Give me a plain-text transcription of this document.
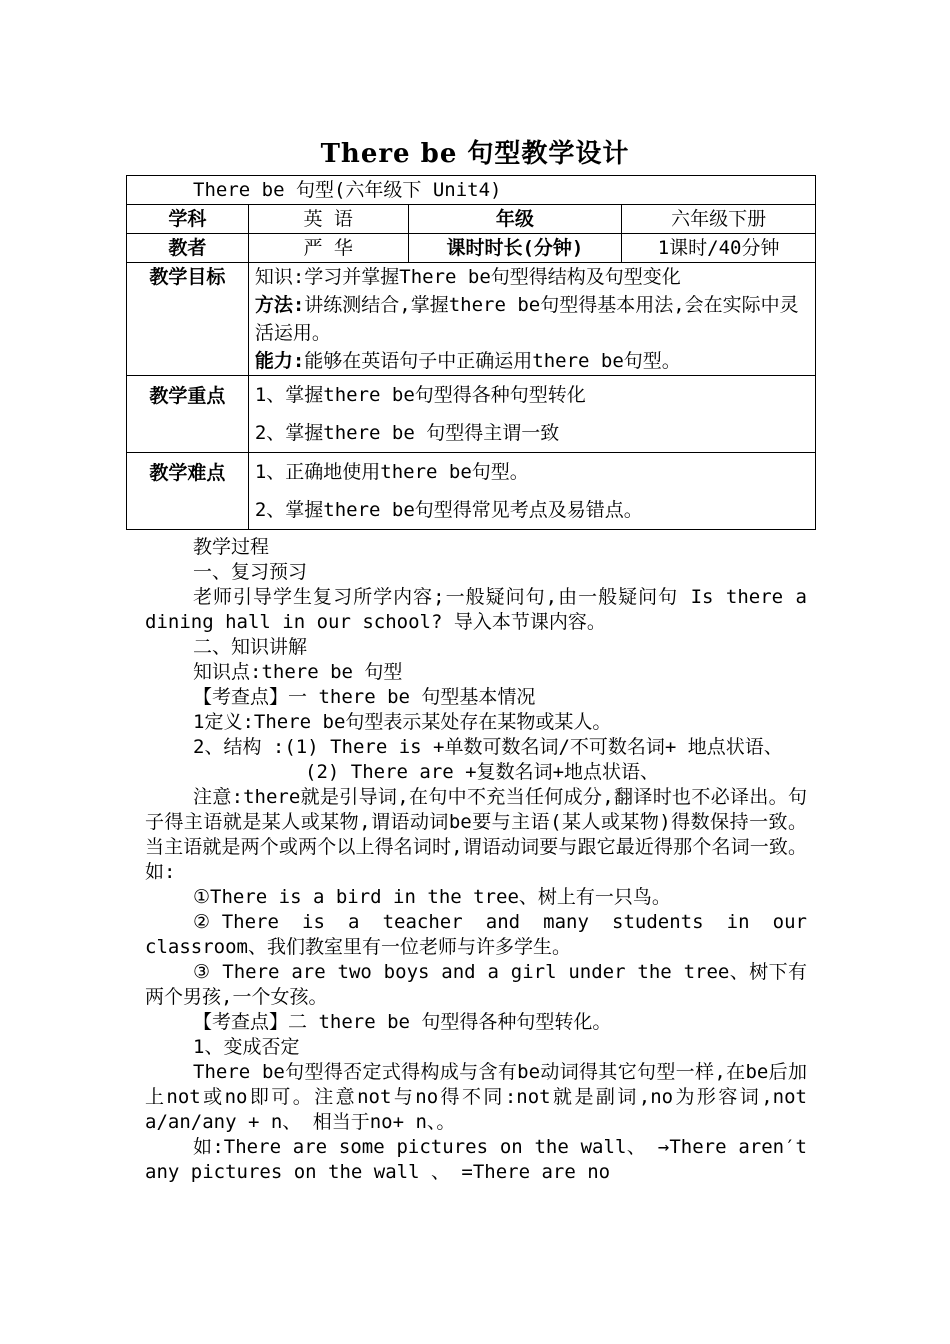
There be 句型教学设计
There be 句型(六年级下 Unit4)			
学科	英 语	年级	六年级下册
教者	严 华	课时时长(分钟)	1课时/40分钟
教学目标	知识:学习并掌握There be句型得结构及句型变化

方法:讲练测结合,掌握there be句型得基本用法,会在实际中灵活运用。

能力:能够在英语句子中正确运用there be句型。		

教学重点	1、掌握there be句型得各种句型转化

2、掌握there be 句型得主谓一致		

教学难点	1、正确地使用there be句型。

2、掌握there be句型得常见考点及易错点。		

教学过程

一、复习预习

老师引导学生复习所学内容;一般疑问句,由一般疑问句 Is there a dining hall in our school? 导入本节课内容。

二、知识讲解

知识点:there be 句型

【考查点】一 there be 句型基本情况

1定义:There be句型表示某处存在某物或某人。

2、结构 :(1) There is +单数可数名词/不可数名词+ 地点状语、

(2) There are +复数名词+地点状语、

注意:there就是引导词,在句中不充当任何成分,翻译时也不必译出。句子得主语就是某人或某物,谓语动词be要与主语(某人或某物)得数保持一致。当主语就是两个或两个以上得名词时,谓语动词要与跟它最近得那个名词一致。如:

①There is a bird in the tree、树上有一只鸟。

②There is a teacher and many students in our classroom、我们教室里有一位老师与许多学生。

③ There are two boys and a girl under the tree、树下有两个男孩,一个女孩。

【考查点】二 there be 句型得各种句型转化。

1、变成否定

There be句型得否定式得构成与含有be动词得其它句型一样,在be后加上not或no即可。注意not与no得不同:not就是副词,no为形容词,not a/an/any + n、 相当于no+ n、。

如:There are some pictures on the wall、 →There aren′t any pictures on the wall 、 =There are no
